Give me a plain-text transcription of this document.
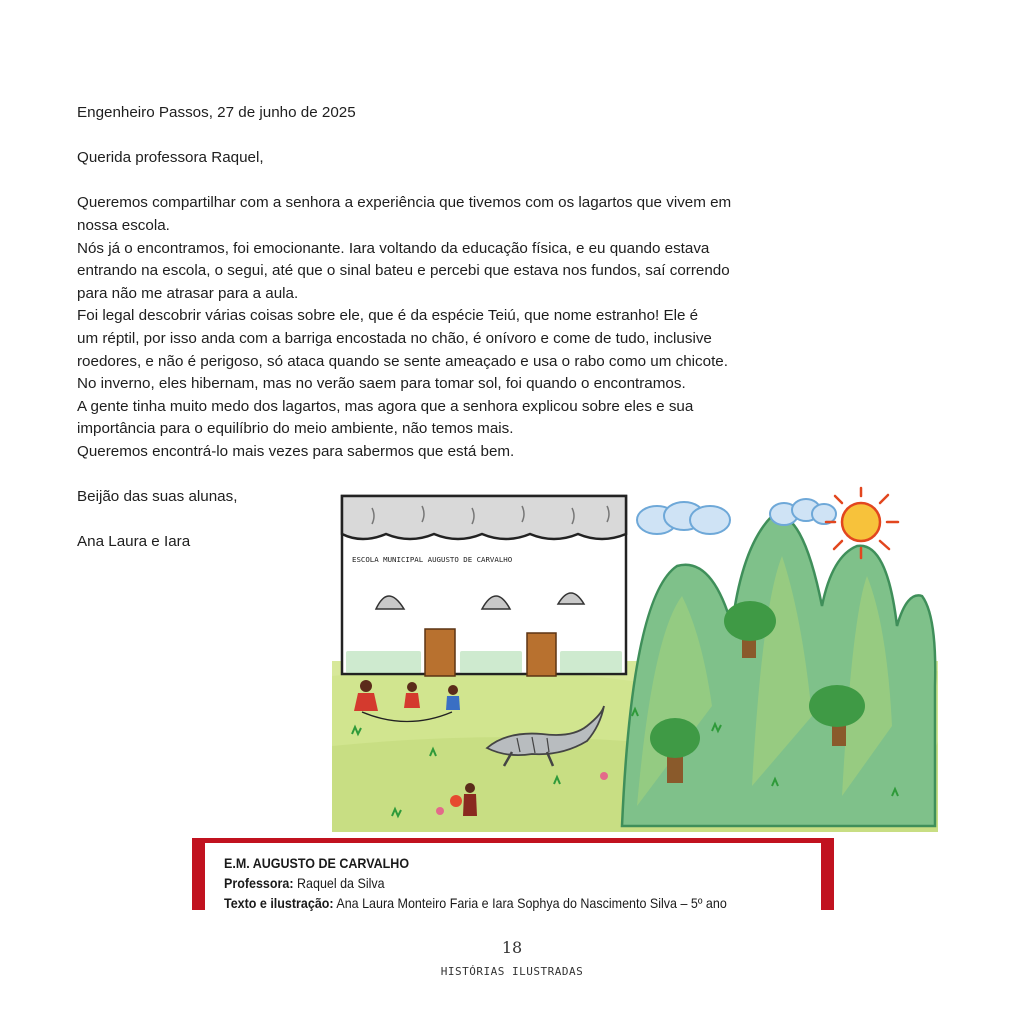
Engenheiro Passos, 27 de junho de 2025

Querida professora Raquel,

Queremos compartilhar com a senhora a experiência que tivemos com os lagartos que vivem em

nossa escola.

Nós já o encontramos, foi emocionante. Iara voltando da educação física, e eu quando estava

entrando na escola, o segui, até que o sinal bateu e percebi que estava nos fundos, saí correndo

para não me atrasar para a aula.

Foi legal descobrir várias coisas sobre ele, que é da espécie Teiú, que nome estranho! Ele é

um réptil, por isso anda com a barriga encostada no chão, é onívoro e come de tudo, inclusive

roedores, e não é perigoso, só ataca quando se sente ameaçado e usa o rabo como um chicote.

No inverno, eles hibernam, mas no verão saem para tomar sol, foi quando o encontramos.

A gente tinha muito medo dos lagartos, mas agora que a senhora explicou sobre eles e sua

importância para o equilíbrio do meio ambiente, não temos mais.

Queremos encontrá-lo mais vezes para sabermos que está bem.

Beijão das suas alunas,

Ana Laura e Iara

ESCOLA MUNICIPAL AUGUSTO DE CARVALHO
E.M. AUGUSTO DE CARVALHO
Professora: Raquel da Silva
Texto e ilustração: Ana Laura Monteiro Faria e Iara Sophya do Nascimento Silva – 5º ano
18
HISTÓRIAS ILUSTRADAS
